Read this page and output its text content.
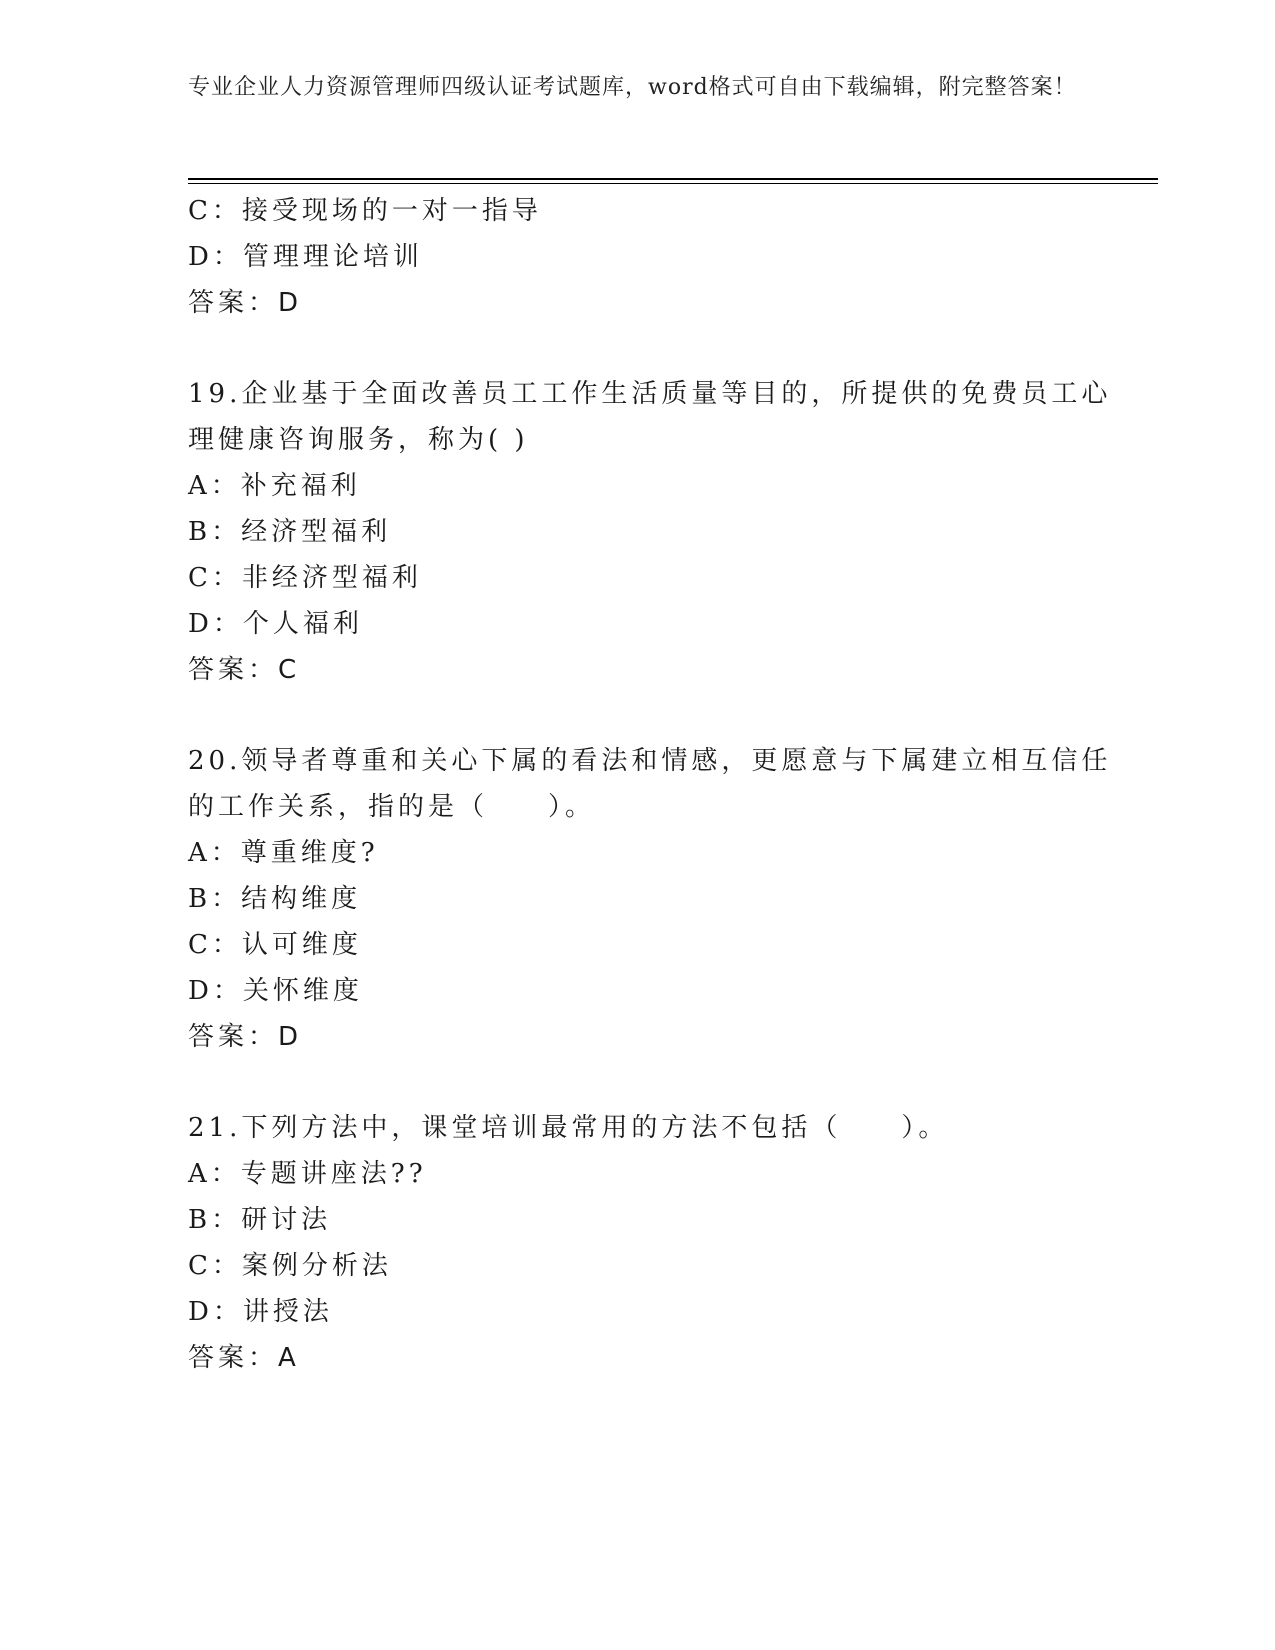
专业企业人力资源管理师四级认证考试题库，word格式可自由下载编辑，附完整答案！
C：接受现场的一对一指导
D：管理理论培训
答案：D
19.企业基于全面改善员工工作生活质量等目的，所提供的免费员工心
理健康咨询服务，称为( )
A：补充福利
B：经济型福利
C：非经济型福利
D：个人福利
答案：C
20.领导者尊重和关心下属的看法和情感，更愿意与下属建立相互信任
的工作关系，指的是（　　）。
A：尊重维度?
B：结构维度
C：认可维度
D：关怀维度
答案：D
21.下列方法中，课堂培训最常用的方法不包括（　　）。
A：专题讲座法??
B：研讨法
C：案例分析法
D：讲授法
答案：A
